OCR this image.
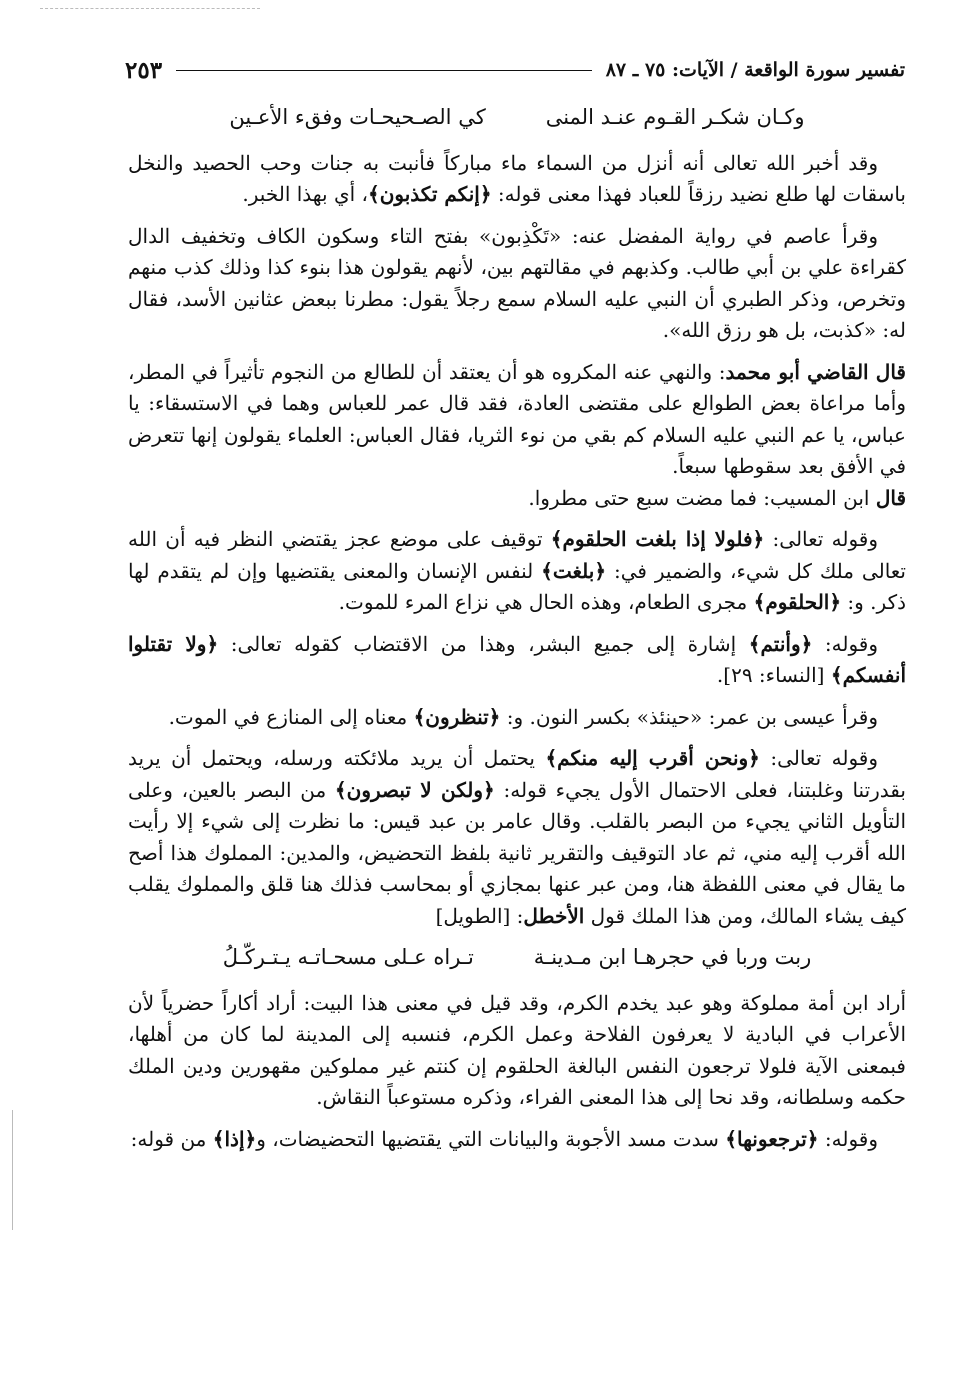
تفسير سورة الواقعة / الآيات: ٧٥ ـ ٨٧
٢٥٣
وكـان شكـر القـوم عنـد المنى
كي الصـحيحـات وفقء الأعـين

وقد أخبر الله تعالى أنه أنزل من السماء ماء مباركاً فأنبت به جنات وحب الحصيد والنخل باسقات لها طلع نضيد رزقاً للعباد فهذا معنى قوله: ﴿إنكم تكذبون﴾، أي بهذا الخبر.

وقرأ عاصم في رواية المفضل عنه: «تَكْذِبون» بفتح التاء وسكون الكاف وتخفيف الدال كقراءة علي بن أبي طالب. وكذبهم في مقالتهم بين، لأنهم يقولون هذا بنوء كذا وذلك كذب منهم وتخرص، وذكر الطبري أن النبي عليه السلام سمع رجلاً يقول: مطرنا ببعض عثانين الأسد، فقال له: «كذبت، بل هو رزق الله».

قال القاضي أبو محمد: والنهي عنه المكروه هو أن يعتقد أن للطالع من النجوم تأثيراً في المطر، وأما مراعاة بعض الطوالع على مقتضى العادة، فقد قال عمر للعباس وهما في الاستسقاء: يا عباس، يا عم النبي عليه السلام كم بقي من نوء الثريا، فقال العباس: العلماء يقولون إنها تتعرض في الأفق بعد سقوطها سبعاً.
قال ابن المسيب: فما مضت سبع حتى مطروا.

وقوله تعالى: ﴿فلولا إذا بلغت الحلقوم﴾ توقيف على موضع عجز يقتضي النظر فيه أن الله تعالى ملك كل شيء، والضمير في: ﴿بلغت﴾ لنفس الإنسان والمعنى يقتضيها وإن لم يتقدم لها ذكر. و: ﴿الحلقوم﴾ مجرى الطعام، وهذه الحال هي نزاع المرء للموت.

وقوله: ﴿وأنتم﴾ إشارة إلى جميع البشر، وهذا من الاقتضاب كقوله تعالى: ﴿ولا تقتلوا أنفسكم﴾ [النساء: ٢٩].

وقرأ عيسى بن عمر: «حينئذ» بكسر النون. و: ﴿تنظرون﴾ معناه إلى المنازع في الموت.

وقوله تعالى: ﴿ونحن أقرب إليه منكم﴾ يحتمل أن يريد ملائكته ورسله، ويحتمل أن يريد بقدرتنا وغلبتنا، فعلى الاحتمال الأول يجيء قوله: ﴿ولكن لا تبصرون﴾ من البصر بالعين، وعلى التأويل الثاني يجيء من البصر بالقلب. وقال عامر بن عبد قيس: ما نظرت إلى شيء إلا رأيت الله أقرب إليه مني، ثم عاد التوقيف والتقرير ثانية بلفظ التحضيض، والمدين: المملوك هذا أصح ما يقال في معنى اللفظة هنا، ومن عبر عنها بمجازي أو بمحاسب فذلك هنا قلق والمملوك يقلب كيف يشاء المالك، ومن هذا الملك قول الأخطل: [الطويل]

ربت وربا في حجرهـا ابن مـدينـة
تـراه عـلى مسحـاتـه يـتـركّـلُ

أراد ابن أمة مملوكة وهو عبد يخدم الكرم، وقد قيل في معنى هذا البيت: أراد أكاراً حضرياً لأن الأعراب في البادية لا يعرفون الفلاحة وعمل الكرم، فنسبه إلى المدينة لما كان من أهلها، فبمعنى الآية فلولا ترجعون النفس البالغة الحلقوم إن كنتم غير مملوكين مقهورين ودين الملك حكمه وسلطانه، وقد نحا إلى هذا المعنى الفراء، وذكره مستوعباً النقاش.

وقوله: ﴿ترجعونها﴾ سدت مسد الأجوبة والبيانات التي يقتضيها التحضيضات، و﴿إذا﴾ من قوله:
